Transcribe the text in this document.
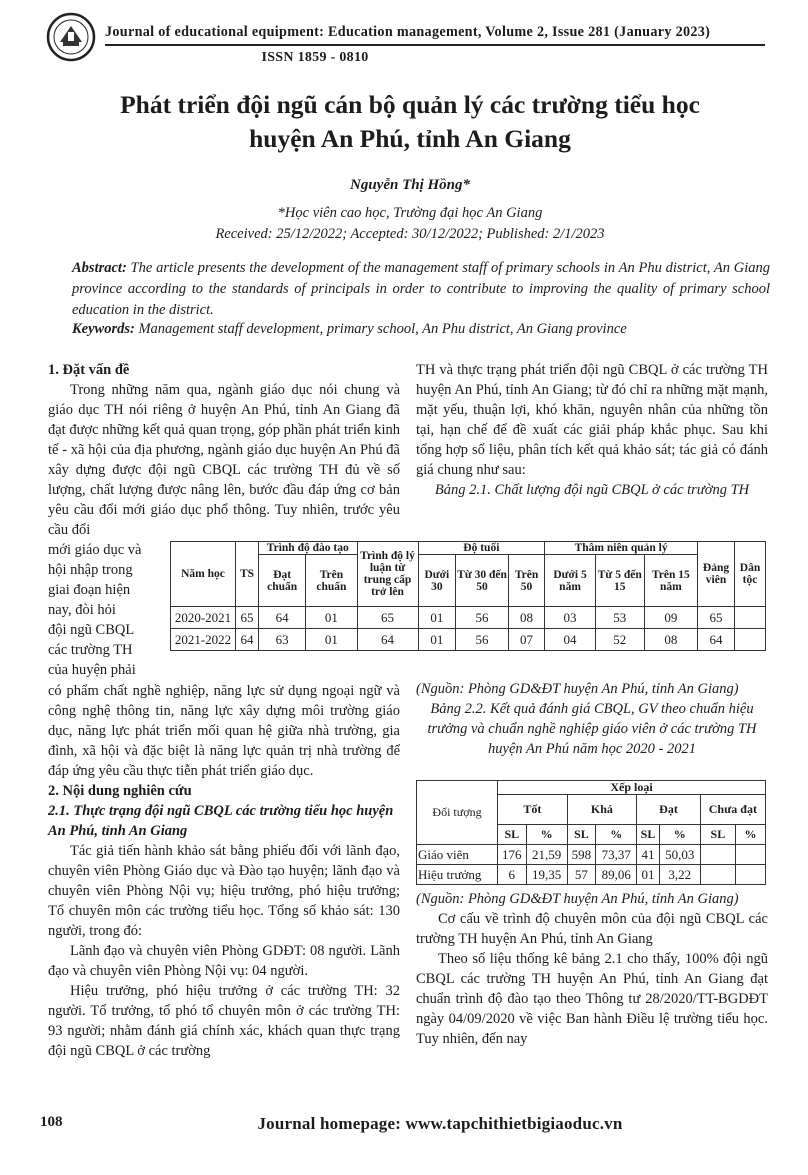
Journal of educational equipment: Education management, Volume 2, Issue 281 (January 2023)
ISSN 1859 - 0810
Phát triển đội ngũ cán bộ quản lý các trường tiểu học
huyện An Phú, tỉnh An Giang
Nguyễn Thị Hồng*
*Học viên cao học, Trường đại học An Giang
Received: 25/12/2022; Accepted: 30/12/2022; Published: 2/1/2023
Abstract: The article presents the development of the management staff of primary schools in An Phu district, An Giang province according to the standards of principals in order to contribute to improving the quality of primary school education in the district.
Keywords: Management staff development, primary school, An Phu district, An Giang province
1. Đặt vấn đề
Trong những năm qua, ngành giáo dục nói chung và giáo dục TH nói riêng ở huyện An Phú, tỉnh An Giang đã đạt được những kết quả quan trọng, góp phần phát triển kinh tế - xã hội của địa phương, ngành giáo dục huyện An Phú đã xây dựng được đội ngũ CBQL các trường TH đủ về số lượng, chất lượng được nâng lên, bước đầu đáp ứng cơ bản yêu cầu đổi mới giáo dục phổ thông. Tuy nhiên, trước yêu cầu đổi
mới giáo dục và
hội nhập trong
giai đoạn hiện
nay, đòi hỏi
đội ngũ CBQL
các trường TH
của huyện phải
có phẩm chất nghề nghiệp, năng lực sử dụng ngoại ngữ và công nghệ thông tin, năng lực xây dựng môi trường giáo dục, năng lực phát triển mối quan hệ giữa nhà trường, gia đình, xã hội và đặc biệt là năng lực quản trị nhà trường để đáp ứng yêu cầu thực tiễn phát triển giáo dục.
2. Nội dung nghiên cứu
2.1. Thực trạng đội ngũ CBQL các trường tiểu học huyện An Phú, tỉnh An Giang
Tác giả tiến hành khảo sát bằng phiếu đối với lãnh đạo, chuyên viên Phòng Giáo dục và Đào tạo huyện; lãnh đạo và chuyên viên Phòng Nội vụ; hiệu trưởng, phó hiệu trưởng; Tổ chuyên môn các trường tiểu học. Tổng số khảo sát: 130 người, trong đó:
Lãnh đạo và chuyên viên Phòng GDĐT: 08 người. Lãnh đạo và chuyên viên Phòng Nội vụ: 04 người.
Hiệu trưởng, phó hiệu trưởng ở các trường TH: 32 người. Tổ trưởng, tổ phó tổ chuyên môn ở các trường TH: 93 người; nhằm đánh giá chính xác, khách quan thực trạng đội ngũ CBQL ở các trường
TH và thực trạng phát triển đội ngũ CBQL ở các trường TH huyện An Phú, tỉnh An Giang; từ đó chỉ ra những mặt mạnh, mặt yếu, thuận lợi, khó khăn, nguyên nhân của những tồn tại, hạn chế để đề xuất các giải pháp khắc phục. Sau khi tổng hợp số liệu, phân tích kết quả khảo sát; tác giả có đánh giá chung như sau:
Bảng 2.1. Chất lượng đội ngũ CBQL ở các trường TH
Năm học	TS	Trình độ đào tạo		Trình độ lý luận từ trung cấp trở lên	Độ tuổi			Thâm niên quản lý			Đảng viên	Dân tộc
		Đạt chuẩn	Trên chuẩn		Dưới 30	Từ 30 đến 50	Trên 50	Dưới 5 năm	Từ 5 đến 15	Trên 15 năm		
2020-2021	65	64	01	65	01	56	08	03	53	09	65	
2021-2022	64	63	01	64	01	56	07	04	52	08	64	
(Nguồn: Phòng GD&ĐT huyện An Phú, tỉnh An Giang)
Bảng 2.2. Kết quả đánh giá CBQL, GV theo chuẩn hiệu trưởng và chuẩn nghề nghiệp giáo viên ở các trường TH huyện An Phú năm học 2020 - 2021
Đối tượng	Xếp loại							
	Tốt		Khá		Đạt		Chưa đạt	
	SL	%	SL	%	SL	%	SL	%
Giáo viên	176	21,59	598	73,37	41	50,03		
Hiệu trưởng	6	19,35	57	89,06	01	3,22		
(Nguồn: Phòng GD&ĐT huyện An Phú, tỉnh An Giang)
Cơ cấu về trình độ chuyên môn của đội ngũ CBQL các trường TH huyện An Phú, tỉnh An Giang
Theo số liệu thống kê bảng 2.1 cho thấy, 100% đội ngũ CBQL các trường TH huyện An Phú, tỉnh An Giang đạt chuẩn trình độ đào tạo theo Thông tư 28/2020/TT-BGDĐT ngày 04/09/2020 về việc Ban hành Điều lệ trường tiểu học. Tuy nhiên, đến nay
108	Journal homepage: www.tapchithietbigiaoduc.vn
